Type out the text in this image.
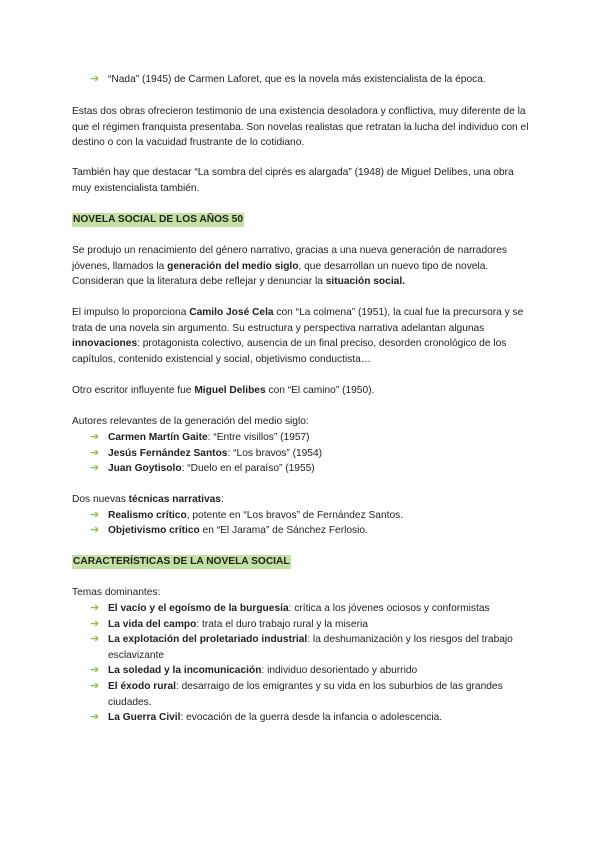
➔ “Nada” (1945) de Carmen Laforet, que es la novela más existencialista de la época.
Estas dos obras ofrecieron testimonio de una existencia desoladora y conflictiva, muy diferente de la que el régimen franquista presentaba. Son novelas realistas que retratan la lucha del individuo con el destino o con la vacuidad frustrante de lo cotidiano.
También hay que destacar “La sombra del ciprés es alargada” (1948) de Miguel Delibes, una obra muy existencialista también.
NOVELA SOCIAL DE LOS AÑOS 50
Se produjo un renacimiento del género narrativo, gracias a una nueva generación de narradores jóvenes, llamados la generación del medio siglo, que desarrollan un nuevo tipo de novela. Consideran que la literatura debe reflejar y denunciar la situación social.
El impulso lo proporciona Camilo José Cela con “La colmena” (1951), la cual fue la precursora y se trata de una novela sin argumento. Su estructura y perspectiva narrativa adelantan algunas innovaciones: protagonista colectivo, ausencia de un final preciso, desorden cronológico de los capítulos, contenido existencial y social, objetivismo conductista…
Otro escritor influyente fue Miguel Delibes con “El camino” (1950).
Autores relevantes de la generación del medio siglo:
➔ Carmen Martín Gaite: “Entre visillos” (1957)
➔ Jesús Fernández Santos: “Los bravos” (1954)
➔ Juan Goytisolo: “Duelo en el paraíso” (1955)
Dos nuevas técnicas narrativas:
➔ Realismo crítico, potente en “Los bravos” de Fernández Santos.
➔ Objetivismo crítico en “El Jarama” de Sánchez Ferlosio.
CARACTERÍSTICAS DE LA NOVELA SOCIAL
Temas dominantes:
➔ El vacío y el egoísmo de la burguesía: crítica a los jóvenes ociosos y conformistas
➔ La vida del campo: trata el duro trabajo rural y la miseria
➔ La explotación del proletariado industrial: la deshumanización y los riesgos del trabajo esclavizante
➔ La soledad y la incomunicación: individuo desorientado y aburrido
➔ El éxodo rural: desarraigo de los emigrantes y su vida en los suburbios de las grandes ciudades.
➔ La Guerra Civil: evocación de la guerra desde la infancia o adolescencia.
